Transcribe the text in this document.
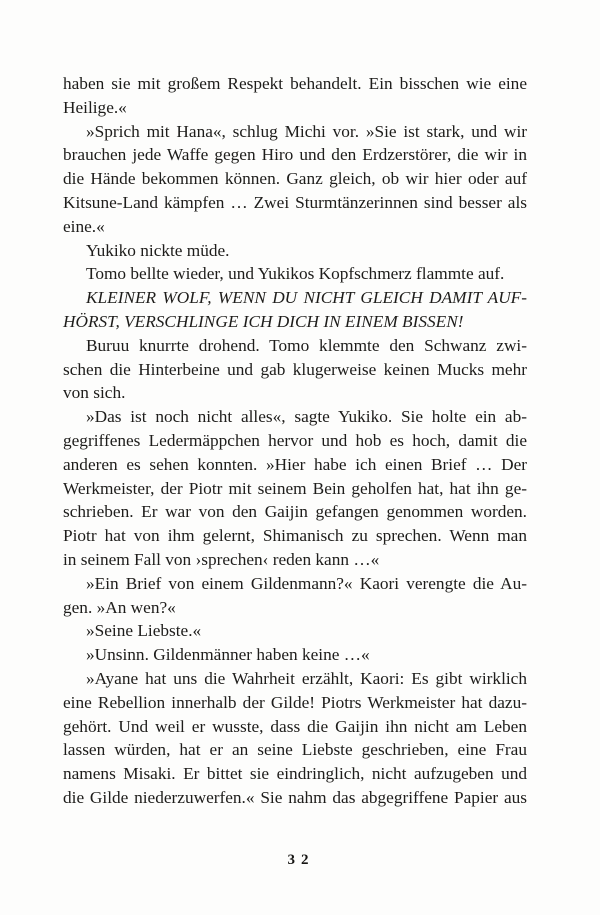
haben sie mit großem Respekt behandelt. Ein bisschen wie eine
Heilige.«
»Sprich mit Hana«, schlug Michi vor. »Sie ist stark, und wir
brauchen jede Waffe gegen Hiro und den Erdzerstörer, die wir in
die Hände bekommen können. Ganz gleich, ob wir hier oder auf
Kitsune-Land kämpfen … Zwei Sturmtänzerinnen sind besser als
eine.«
Yukiko nickte müde.
Tomo bellte wieder, und Yukikos Kopfschmerz flammte auf.
KLEINER WOLF, WENN DU NICHT GLEICH DAMIT AUF-
HÖRST, VERSCHLINGE ICH DICH IN EINEM BISSEN!
Buruu knurrte drohend. Tomo klemmte den Schwanz zwi-
schen die Hinterbeine und gab klugerweise keinen Mucks mehr
von sich.
»Das ist noch nicht alles«, sagte Yukiko. Sie holte ein ab-
gegriffenes Ledermäppchen hervor und hob es hoch, damit die
anderen es sehen konnten. »Hier habe ich einen Brief … Der
Werkmeister, der Piotr mit seinem Bein geholfen hat, hat ihn ge-
schrieben. Er war von den Gaijin gefangen genommen worden.
Piotr hat von ihm gelernt, Shimanisch zu sprechen. Wenn man
in seinem Fall von ›sprechen‹ reden kann …«
»Ein Brief von einem Gildenmann?« Kaori verengte die Au-
gen. »An wen?«
»Seine Liebste.«
»Unsinn. Gildenmänner haben keine …«
»Ayane hat uns die Wahrheit erzählt, Kaori: Es gibt wirklich
eine Rebellion innerhalb der Gilde! Piotrs Werkmeister hat dazu-
gehört. Und weil er wusste, dass die Gaijin ihn nicht am Leben
lassen würden, hat er an seine Liebste geschrieben, eine Frau
namens Misaki. Er bittet sie eindringlich, nicht aufzugeben und
die Gilde niederzuwerfen.« Sie nahm das abgegriffene Papier aus
32
